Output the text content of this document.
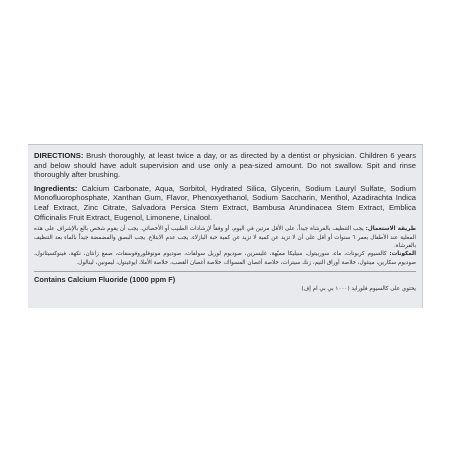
DIRECTIONS: Brush thoroughly, at least twice a day, or as directed by a dentist or physician. Children 6 years and below should have adult supervision and use only a pea-sized amount. Do not swallow. Spit and rinse thoroughly after brushing.

Ingredients: Calcium Carbonate, Aqua, Sorbitol, Hydrated Silica, Glycerin, Sodium Lauryl Sulfate, Sodium Monofluorophosphate, Xanthan Gum, Flavor, Phenoxyethanol, Sodium Saccharin, Menthol, Azadirachta Indica Leaf Extract, Zinc Citrate, Salvadora Persica Stem Extract, Bambusa Arundinacea Stem Extract, Emblica Officinalis Fruit Extract, Eugenol, Limonene, Linalool.

طريقة الاستعمال: يجب التنظيف بالفرشاة جيداً، على الأقل مرتين في اليوم، أو وفقاً لإرشادات الطبيب أو الأخصائي. يجب أن يقوم شخص بالغ بالإشراف على هذه المعلية عند الأطفال بعمر ٦ سنوات أو أقل على أن لا تزيد عن كمية لا تزيد عن كمية حبة البازلاء. يجب عدم الابتلاع. يجب البصق والمضمضة جيداً بالماء بعد التنظيف بالفرشاة.

المكونات: كالسيوم كربونات، ماء، سوربيتول، سيليكا مميّهة، غليسرين، صوديوم لوريل سولفات، صوديوم مونوفلوروفوسفات، صمغ زانثان، نكهة، فينوكسيثانول، صوديوم سكارين، مينثول، خلاصة أوراق النيم، زنك سيترات، خلاصة أغصان المسواك، خلاصة أغصان القصب، خلاصة الأملا، ايوغينول، ليمونين، لينالول.

Contains Calcium Fluoride (1000 ppm F)

يحتوي على كالسيوم فلورايد (١٠٠٠ بي بي ام إف)
